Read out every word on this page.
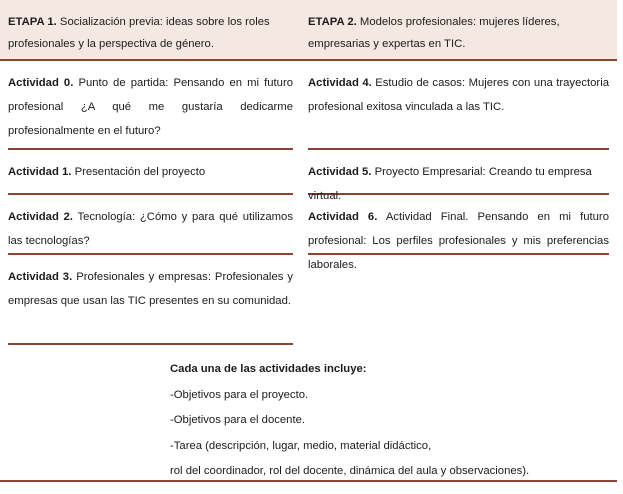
ETAPA 1. Socialización previa: ideas sobre los roles profesionales y la perspectiva de género.
ETAPA 2. Modelos profesionales: mujeres líderes, empresarias y expertas en TIC.
Actividad 0. Punto de partida: Pensando en mi futuro profesional ¿A qué me gustaría dedicarme profesionalmente en el futuro?
Actividad 1. Presentación del proyecto
Actividad 2. Tecnología: ¿Cómo y para qué utilizamos las tecnologías?
Actividad 3. Profesionales y empresas: Profesionales y empresas que usan las TIC presentes en su comunidad.
Actividad 4. Estudio de casos: Mujeres con una trayectoria profesional exitosa vinculada a las TIC.
Actividad 5. Proyecto Empresarial: Creando tu empresa virtual.
Actividad 6. Actividad Final. Pensando en mi futuro profesional: Los perfiles profesionales y mis preferencias laborales.
Cada una de las actividades incluye:
-Objetivos para el proyecto.
-Objetivos para el docente.
-Tarea (descripción, lugar, medio, material didáctico,
rol del coordinador, rol del docente, dinámica del aula y observaciones).
